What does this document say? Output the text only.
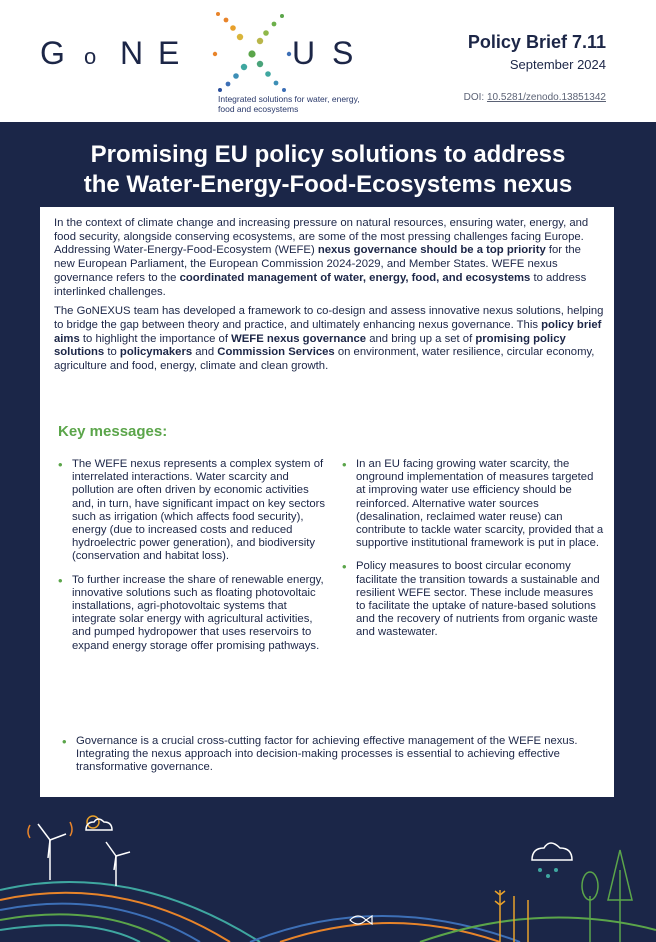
G o N E	U S
Integrated solutions for water, energy, food and ecosystems
Policy Brief 7.11
September 2024
DOI: 10.5281/zenodo.13851342
Promising EU policy solutions to address
the Water-Energy-Food-Ecosystems nexus

In the context of climate change and increasing pressure on natural resources, ensuring water, energy, and food security, alongside conserving ecosystems, are some of the most pressing challenges facing Europe. Addressing Water-Energy-Food-Ecosystem (WEFE) nexus governance should be a top priority for the new European Parliament, the European Commission 2024-2029, and Member States. WEFE nexus governance refers to the coordinated management of water, energy, food, and ecosystems to address interlinked challenges.

The GoNEXUS team has developed a framework to co-design and assess innovative nexus solutions, helping to bridge the gap between theory and practice, and ultimately enhancing nexus governance. This policy brief aims to highlight the importance of WEFE nexus governance and bring up a set of promising policy solutions to policymakers and Commission Services on environment, water resilience, circular economy, agriculture and food, energy, climate and clean growth.

Key messages:
• The WEFE nexus represents a complex system of interrelated interactions. Water scarcity and pollution are often driven by economic activities and, in turn, have significant impact on key sectors such as irrigation (which affects food security), energy (due to increased costs and reduced hydroelectric power generation), and biodiversity (conservation and habitat loss).
• To further increase the share of renewable energy, innovative solutions such as floating photovoltaic installations, agri-photovoltaic systems that integrate solar energy with agricultural activities, and pumped hydropower that uses reservoirs to expand energy storage offer promising pathways.
• In an EU facing growing water scarcity, the onground implementation of measures targeted at improving water use efficiency should be reinforced. Alternative water sources (desalination, reclaimed water reuse) can contribute to tackle water scarcity, provided that a supportive institutional framework is put in place.
• Policy measures to boost circular economy facilitate the transition towards a sustainable and resilient WEFE sector. These include measures to facilitate the uptake of nature-based solutions and the recovery of nutrients from organic waste and wastewater.
• Governance is a crucial cross-cutting factor for achieving effective management of the WEFE nexus. Integrating the nexus approach into decision-making processes is essential to achieving effective transformative governance.
